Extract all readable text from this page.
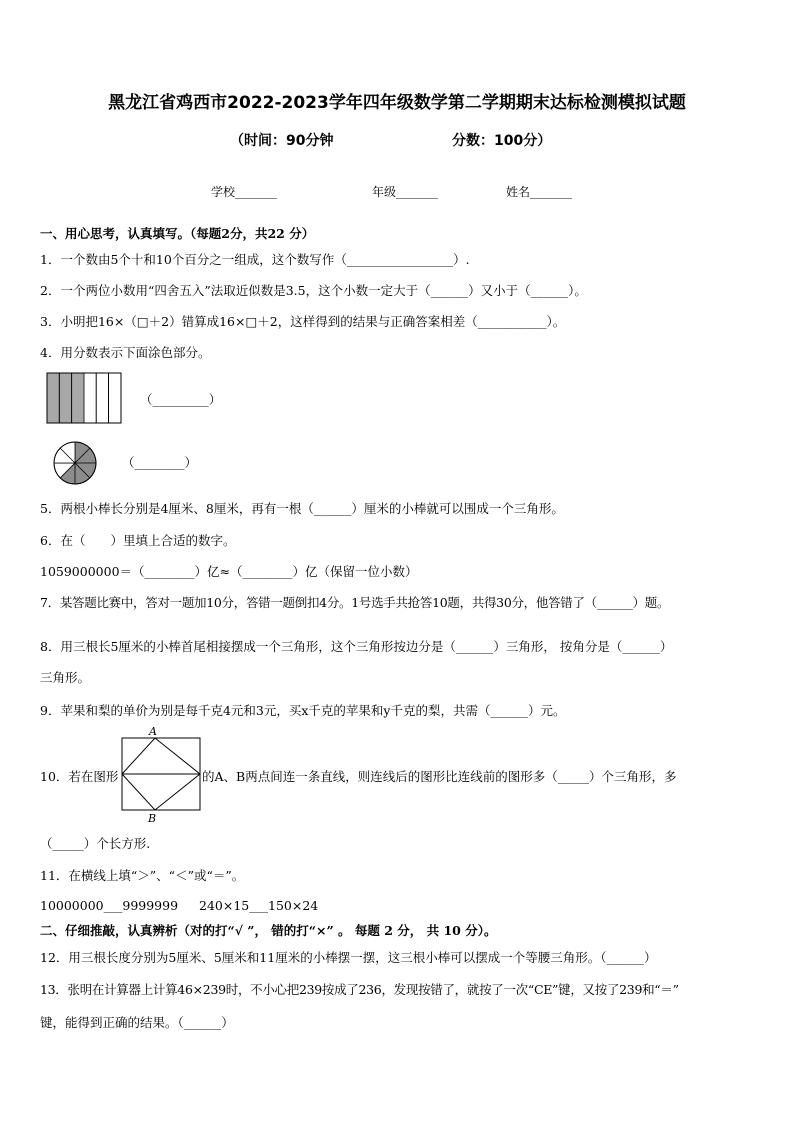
黑龙江省鸡西市2022-2023学年四年级数学第二学期期末达标检测模拟试题
（时间：90分钟	分数：100分）
学校_______	年级_______	姓名_______
一、用心思考，认真填写。（每题2分，共22 分）
1．一个数由5个十和10个百分之一组成，这个数写作（_________________）.
2．一个两位小数用“四舍五入”法取近似数是3.5，这个小数一定大于（______）又小于（______）。
3．小明把16×（□＋2）错算成16×□＋2，这样得到的结果与正确答案相差（___________）。
4．用分数表示下面涂色部分。
（_________）
（________）
5．两根小棒长分别是4厘米、8厘米，再有一根（______）厘米的小棒就可以围成一个三角形。
6．在（　　）里填上合适的数字。
1059000000＝（________）亿≈（________）亿（保留一位小数）
7．某答题比赛中，答对一题加10分，答错一题倒扣4分。1号选手共抢答10题，共得30分，他答错了（______）题。
8．用三根长5厘米的小棒首尾相接摆成一个三角形，这个三角形按边分是（______）三角形， 按角分是（______）
三角形。
9．苹果和梨的单价为别是每千克4元和3元，买x千克的苹果和y千克的梨，共需（______）元。
A
B
10．若在图形	的A、B两点间连一条直线，则连线后的图形比连线前的图形多（_____）个三角形，多
（_____）个长方形.
11．在横线上填“＞”、“＜”或“＝”。
10000000___9999999 240×15___150×24
二、仔细推敲，认真辨析（对的打“√ ”， 错的打“×” 。 每题 2 分， 共 10 分）。
12．用三根长度分别为5厘米、5厘米和11厘米的小棒摆一摆，这三根小棒可以摆成一个等腰三角形。（______）
13．张明在计算器上计算46×239时，不小心把239按成了236，发现按错了，就按了一次“CE”键，又按了239和“＝”
键，能得到正确的结果。（______）
